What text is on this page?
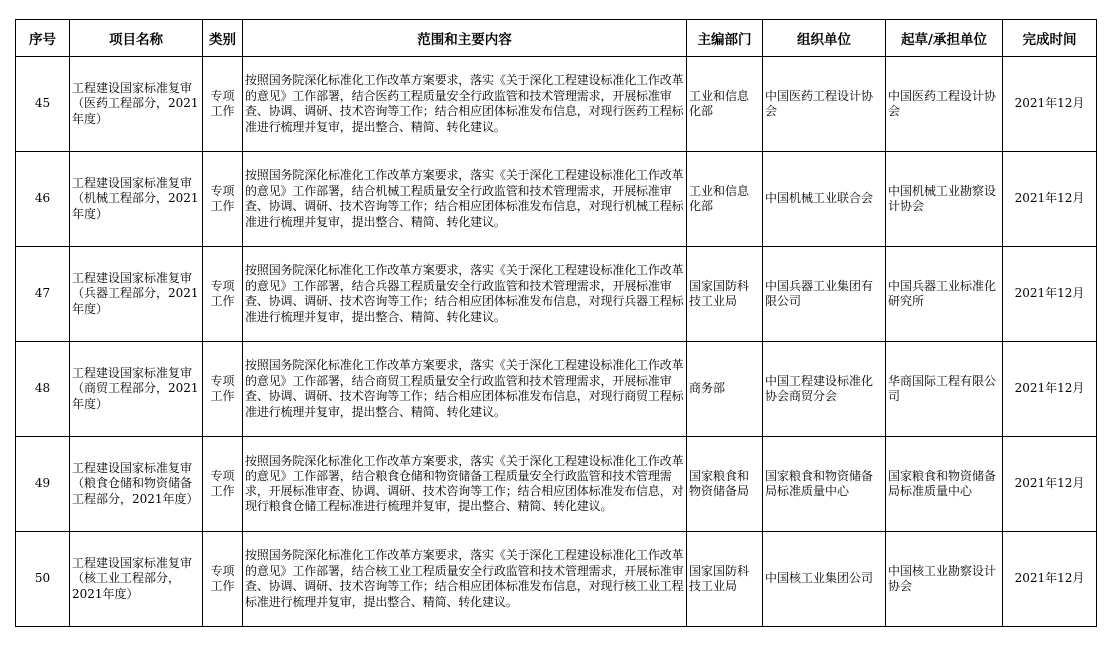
序号	项目名称	类别	范围和主要内容	主编部门	组织单位	起草/承担单位	完成时间
45	工程建设国家标准复审（医药工程部分，2021年度）	专项工作	按照国务院深化标准化工作改革方案要求，落实《关于深化工程建设标准化工作改革的意见》工作部署，结合医药工程质量安全行政监管和技术管理需求，开展标准审查、协调、调研、技术咨询等工作；结合相应团体标准发布信息，对现行医药工程标准进行梳理并复审，提出整合、精简、转化建议。	工业和信息化部	中国医药工程设计协会	中国医药工程设计协会	2021年12月
46	工程建设国家标准复审（机械工程部分，2021年度）	专项工作	按照国务院深化标准化工作改革方案要求，落实《关于深化工程建设标准化工作改革的意见》工作部署，结合机械工程质量安全行政监管和技术管理需求，开展标准审查、协调、调研、技术咨询等工作；结合相应团体标准发布信息，对现行机械工程标准进行梳理并复审，提出整合、精简、转化建议。	工业和信息化部	中国机械工业联合会	中国机械工业勘察设计协会	2021年12月
47	工程建设国家标准复审（兵器工程部分，2021年度）	专项工作	按照国务院深化标准化工作改革方案要求，落实《关于深化工程建设标准化工作改革的意见》工作部署，结合兵器工程质量安全行政监管和技术管理需求，开展标准审查、协调、调研、技术咨询等工作；结合相应团体标准发布信息，对现行兵器工程标准进行梳理并复审，提出整合、精简、转化建议。	国家国防科技工业局	中国兵器工业集团有限公司	中国兵器工业标准化研究所	2021年12月
48	工程建设国家标准复审（商贸工程部分，2021年度）	专项工作	按照国务院深化标准化工作改革方案要求，落实《关于深化工程建设标准化工作改革的意见》工作部署，结合商贸工程质量安全行政监管和技术管理需求，开展标准审查、协调、调研、技术咨询等工作；结合相应团体标准发布信息，对现行商贸工程标准进行梳理并复审，提出整合、精简、转化建议。	商务部	中国工程建设标准化协会商贸分会	华商国际工程有限公司	2021年12月
49	工程建设国家标准复审（粮食仓储和物资储备工程部分，2021年度）	专项工作	按照国务院深化标准化工作改革方案要求，落实《关于深化工程建设标准化工作改革的意见》工作部署，结合粮食仓储和物资储备工程质量安全行政监管和技术管理需求，开展标准审查、协调、调研、技术咨询等工作；结合相应团体标准发布信息，对现行粮食仓储工程标准进行梳理并复审，提出整合、精简、转化建议。	国家粮食和物资储备局	国家粮食和物资储备局标准质量中心	国家粮食和物资储备局标准质量中心	2021年12月
50	工程建设国家标准复审（核工业工程部分，2021年度）	专项工作	按照国务院深化标准化工作改革方案要求，落实《关于深化工程建设标准化工作改革的意见》工作部署，结合核工业工程质量安全行政监管和技术管理需求，开展标准审查、协调、调研、技术咨询等工作；结合相应团体标准发布信息，对现行核工业工程标准进行梳理并复审，提出整合、精简、转化建议。	国家国防科技工业局	中国核工业集团公司	中国核工业勘察设计协会	2021年12月
